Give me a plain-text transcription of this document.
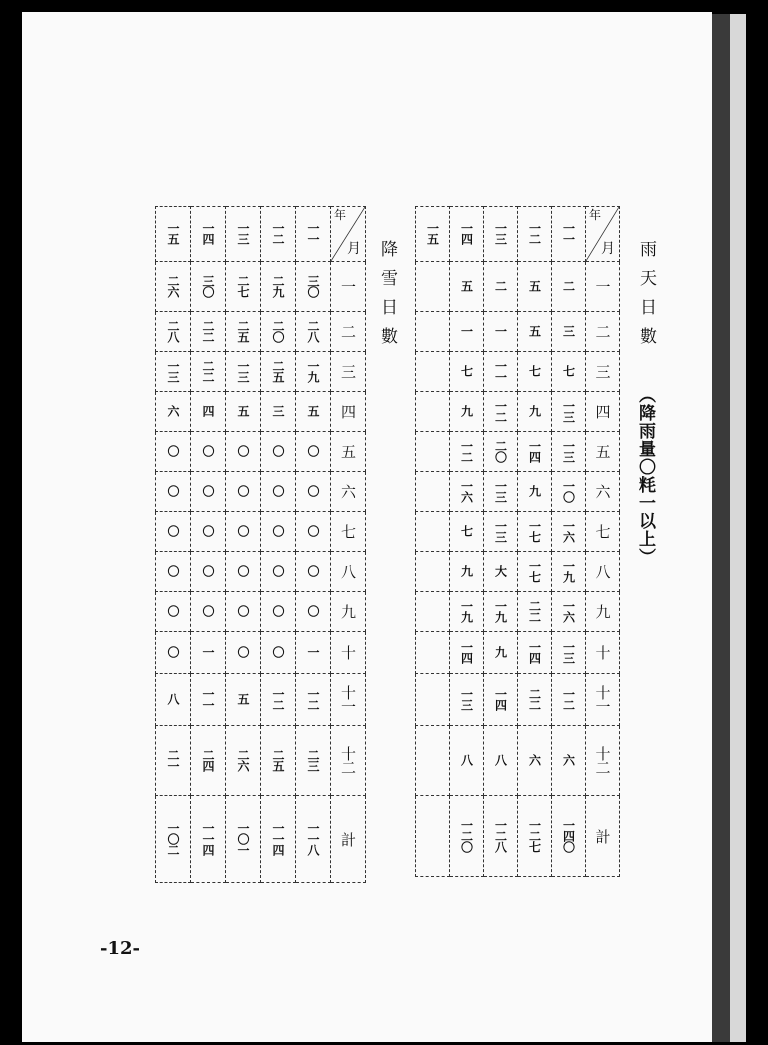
一五	一四	一三	一二	一一	年
月

二六	三〇	二七	二九	三〇	一
二八	二二	二五	二〇	二八	二
一三	二二	一三	二五	一九	三
六	四	五	三	五	四
〇	〇	〇	〇	〇	五
〇	〇	〇	〇	〇	六
〇	〇	〇	〇	〇	七
〇	〇	〇	〇	〇	八
〇	〇	〇	〇	〇	九
〇	一	〇	〇	一	十
八	一一	五	一二	一二	十一
二一	二四	二六	二五	二三	十二
一〇二	一一四	一〇一	一一四	一一八	計
降雪日數
一五	一四	一三	一二	一一	年
月

	五	二	五	二	一
	一	一	五	三	二
	七	一一	七	七	三
	九	一二	九	一三	四
	一二	二〇	一四	一三	五
	一六	一三	九	一〇	六
	七	一三	一七	一六	七
	九	大	一七	一九	八
	一九	一九	二二	一六	九
	一四	九	一四	一三	十
	一三	一四	二二	一二	十一
	八	八	六	六	十二
	一二〇	一二八	一二七	一四〇	計
雨天日數
（降雨量〇粍一以上）
-12-
